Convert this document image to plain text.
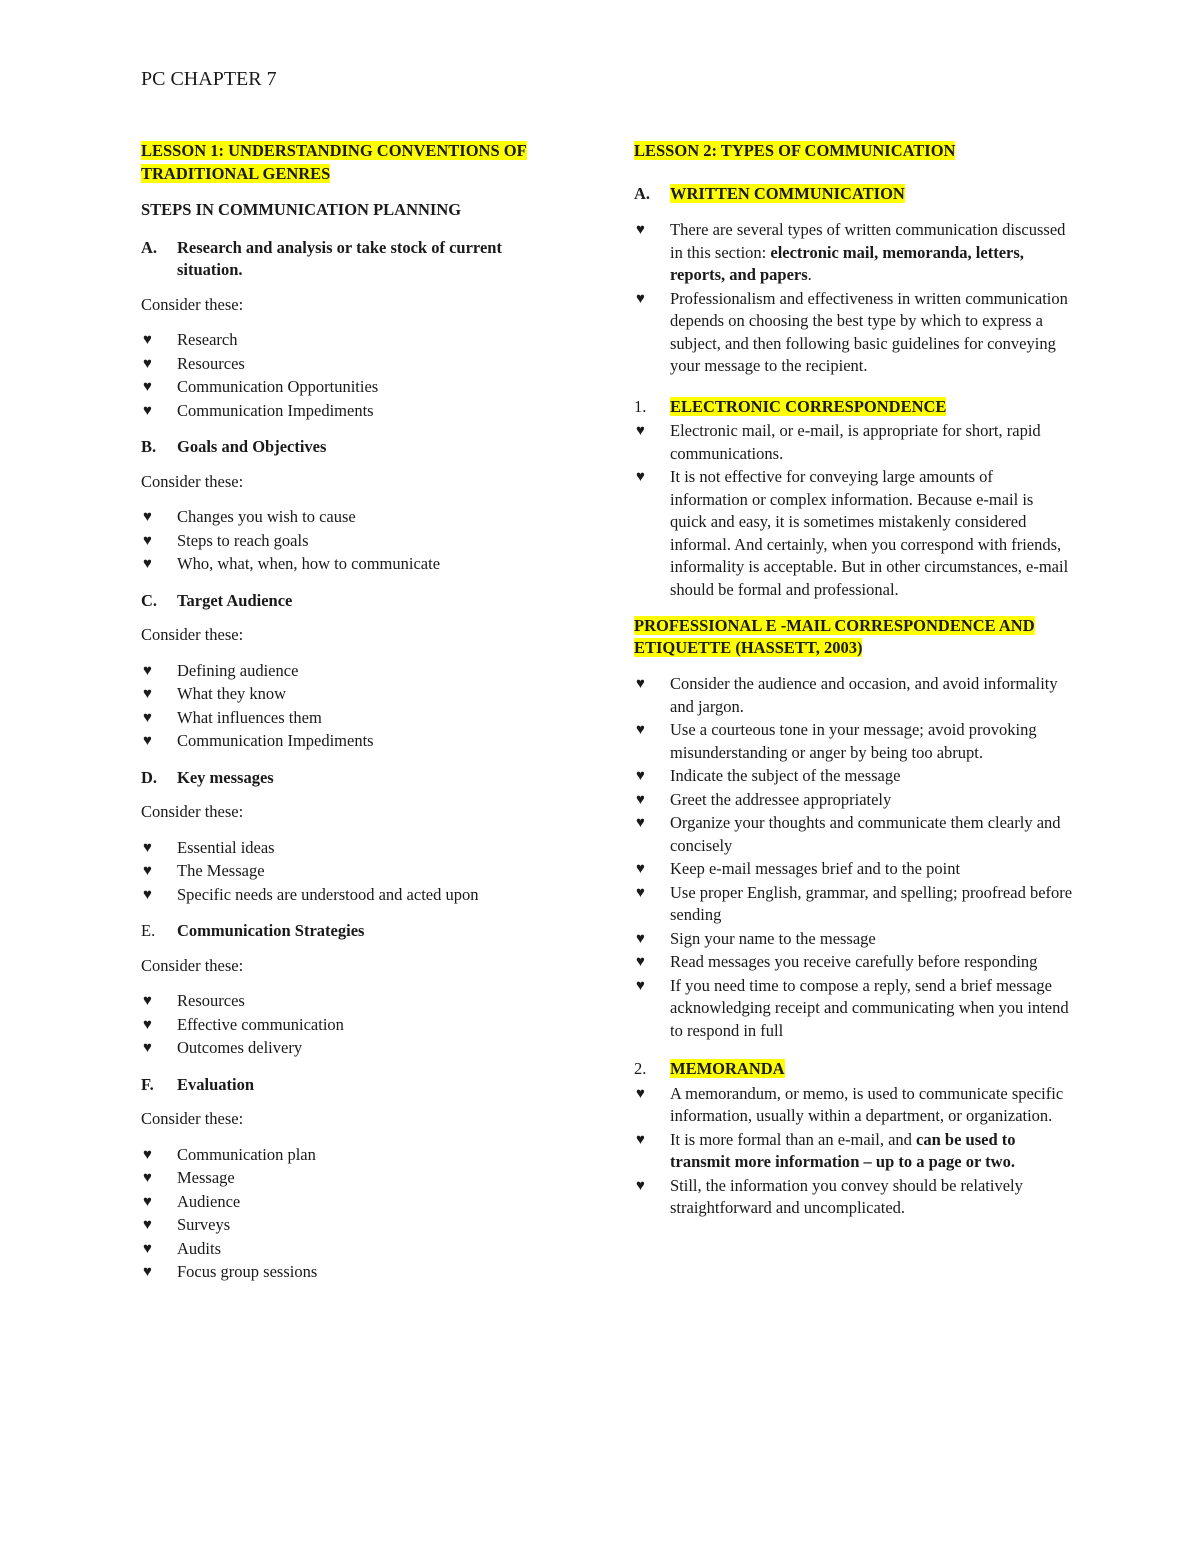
PC CHAPTER 7

LESSON 1: UNDERSTANDING CONVENTIONS OF TRADITIONAL GENRES

STEPS IN COMMUNICATION PLANNING

A. Research and analysis or take stock of current situation.

Consider these:

♥ Research
♥ Resources
♥ Communication Opportunities
♥ Communication Impediments
B. Goals and Objectives

Consider these:

♥ Changes you wish to cause
♥ Steps to reach goals
♥ Who, what, when, how to communicate
C. Target Audience

Consider these:

♥ Defining audience
♥ What they know
♥ What influences them
♥ Communication Impediments
D. Key messages

Consider these:

♥ Essential ideas
♥ The Message
♥ Specific needs are understood and acted upon
E. Communication Strategies

Consider these:

♥ Resources
♥ Effective communication
♥ Outcomes delivery
F. Evaluation

Consider these:

♥ Communication plan
♥ Message
♥ Audience
♥ Surveys
♥ Audits
♥ Focus group sessions

LESSON 2: TYPES OF COMMUNICATION

A. WRITTEN COMMUNICATION
♥ There are several types of written communication discussed in this section: electronic mail, memoranda, letters, reports, and papers.
♥ Professionalism and effectiveness in written communication depends on choosing the best type by which to express a subject, and then following basic guidelines for conveying your message to the recipient.
1. ELECTRONIC CORRESPONDENCE
♥ Electronic mail, or e-mail, is appropriate for short, rapid communications.
♥ It is not effective for conveying large amounts of information or complex information. Because e-mail is quick and easy, it is sometimes mistakenly considered informal. And certainly, when you correspond with friends, informality is acceptable. But in other circumstances, e-mail should be formal and professional.

PROFESSIONAL E -MAIL CORRESPONDENCE AND ETIQUETTE (HASSETT, 2003)

♥ Consider the audience and occasion, and avoid informality and jargon.
♥ Use a courteous tone in your message; avoid provoking misunderstanding or anger by being too abrupt.
♥ Indicate the subject of the message
♥ Greet the addressee appropriately
♥ Organize your thoughts and communicate them clearly and concisely
♥ Keep e-mail messages brief and to the point
♥ Use proper English, grammar, and spelling; proofread before sending
♥ Sign your name to the message
♥ Read messages you receive carefully before responding
♥ If you need time to compose a reply, send a brief message acknowledging receipt and communicating when you intend to respond in full
2. MEMORANDA
♥ A memorandum, or memo, is used to communicate specific information, usually within a department, or organization.
♥ It is more formal than an e-mail, and can be used to transmit more information – up to a page or two.
♥ Still, the information you convey should be relatively straightforward and uncomplicated.
